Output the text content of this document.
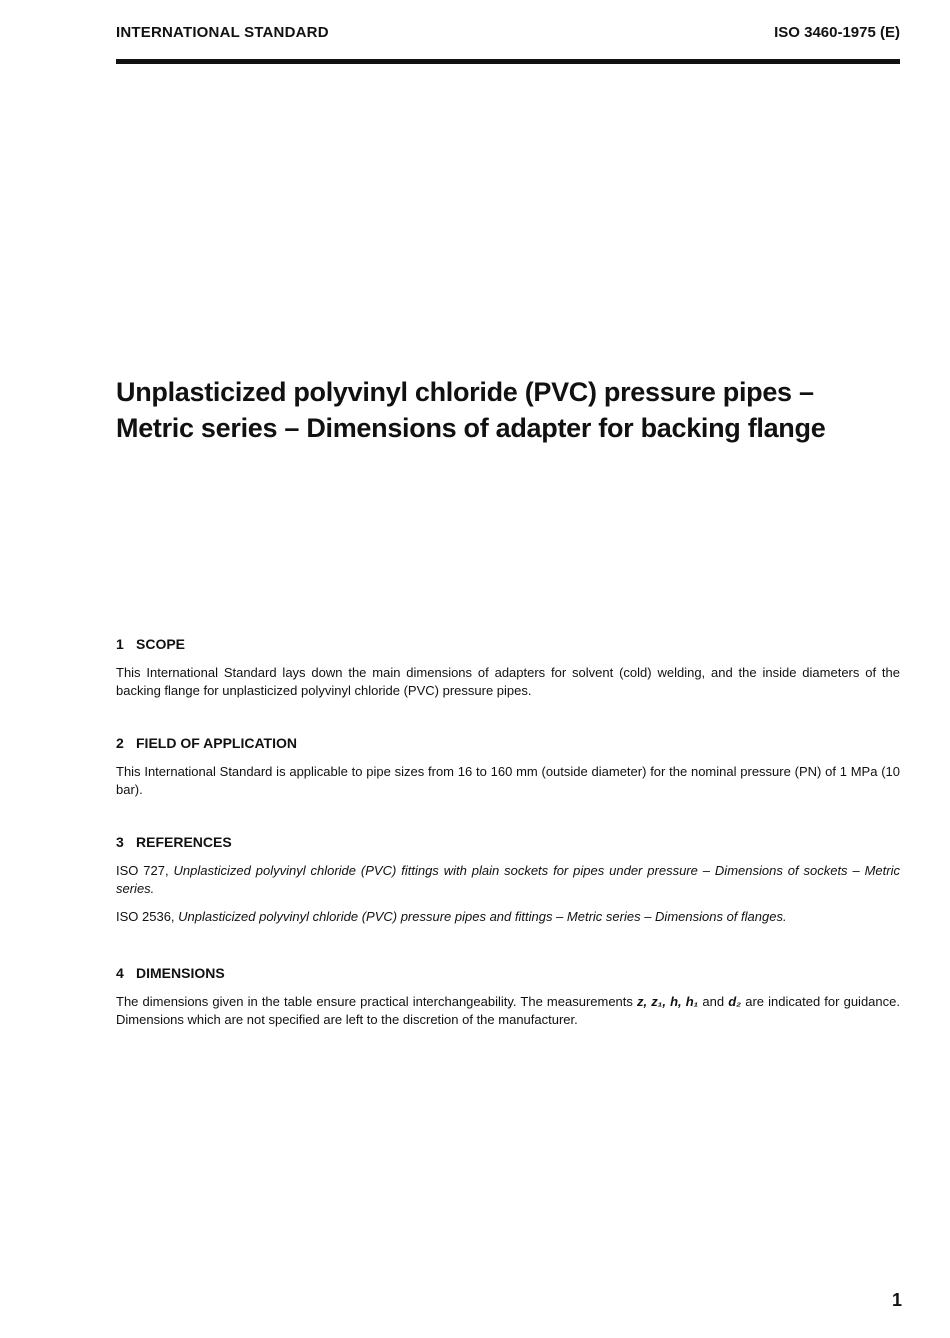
INTERNATIONAL STANDARD	ISO 3460-1975 (E)
Unplasticized polyvinyl chloride (PVC) pressure pipes –
Metric series – Dimensions of adapter for backing flange
1 SCOPE

This International Standard lays down the main dimensions of adapters for solvent (cold) welding, and the inside diameters of the backing flange for unplasticized polyvinyl chloride (PVC) pressure pipes.

2 FIELD OF APPLICATION

This International Standard is applicable to pipe sizes from 16 to 160 mm (outside diameter) for the nominal pressure (PN) of 1 MPa (10 bar).

3 REFERENCES

ISO 727, Unplasticized polyvinyl chloride (PVC) fittings with plain sockets for pipes under pressure – Dimensions of sockets – Metric series.

ISO 2536, Unplasticized polyvinyl chloride (PVC) pressure pipes and fittings – Metric series – Dimensions of flanges.

4 DIMENSIONS

The dimensions given in the table ensure practical interchangeability. The measurements z, z₁, h, h₁ and d₂ are indicated for guidance. Dimensions which are not specified are left to the discretion of the manufacturer.

1
